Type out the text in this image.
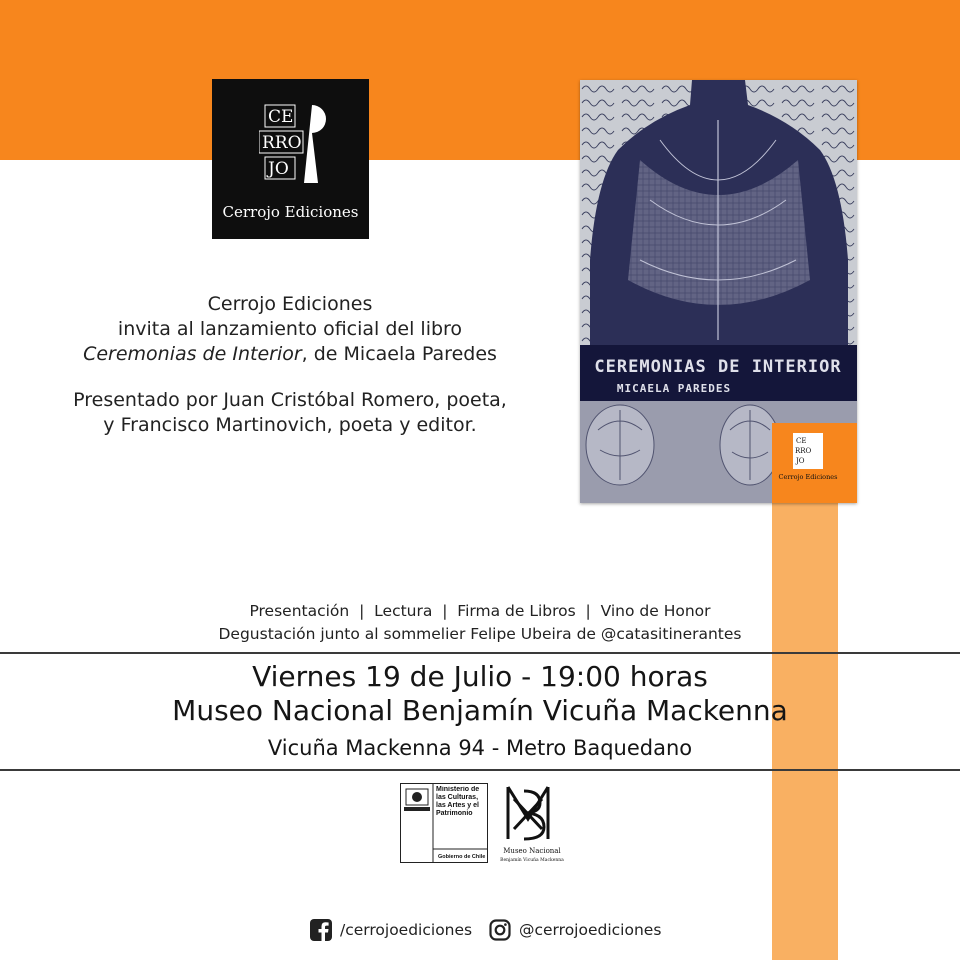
CE
RRO
JO
Cerrojo Ediciones

Cerrojo Ediciones

invita al lanzamiento oficial del libro

Ceremonias de Interior, de Micaela Paredes

Presentado por Juan Cristóbal Romero, poeta,

y Francisco Martinovich, poeta y editor.

CEREMONIAS DE INTERIOR
MICAELA PAREDES
CE
RRO
JO
Cerrojo Ediciones

Presentación  |  Lectura  |  Firma de Libros  |  Vino de Honor

Degustación junto al sommelier Felipe Ubeira de @catasitinerantes

Viernes 19 de Julio - 19:00 horas
Museo Nacional Benjamín Vicuña Mackenna
Vicuña Mackenna 94 - Metro Baquedano
Ministerio de las Culturas, las Artes y el Patrimonio
Gobierno de Chile
Museo Nacional
Benjamín Vicuña Mackenna
/cerrojoediciones	@cerrojoediciones
